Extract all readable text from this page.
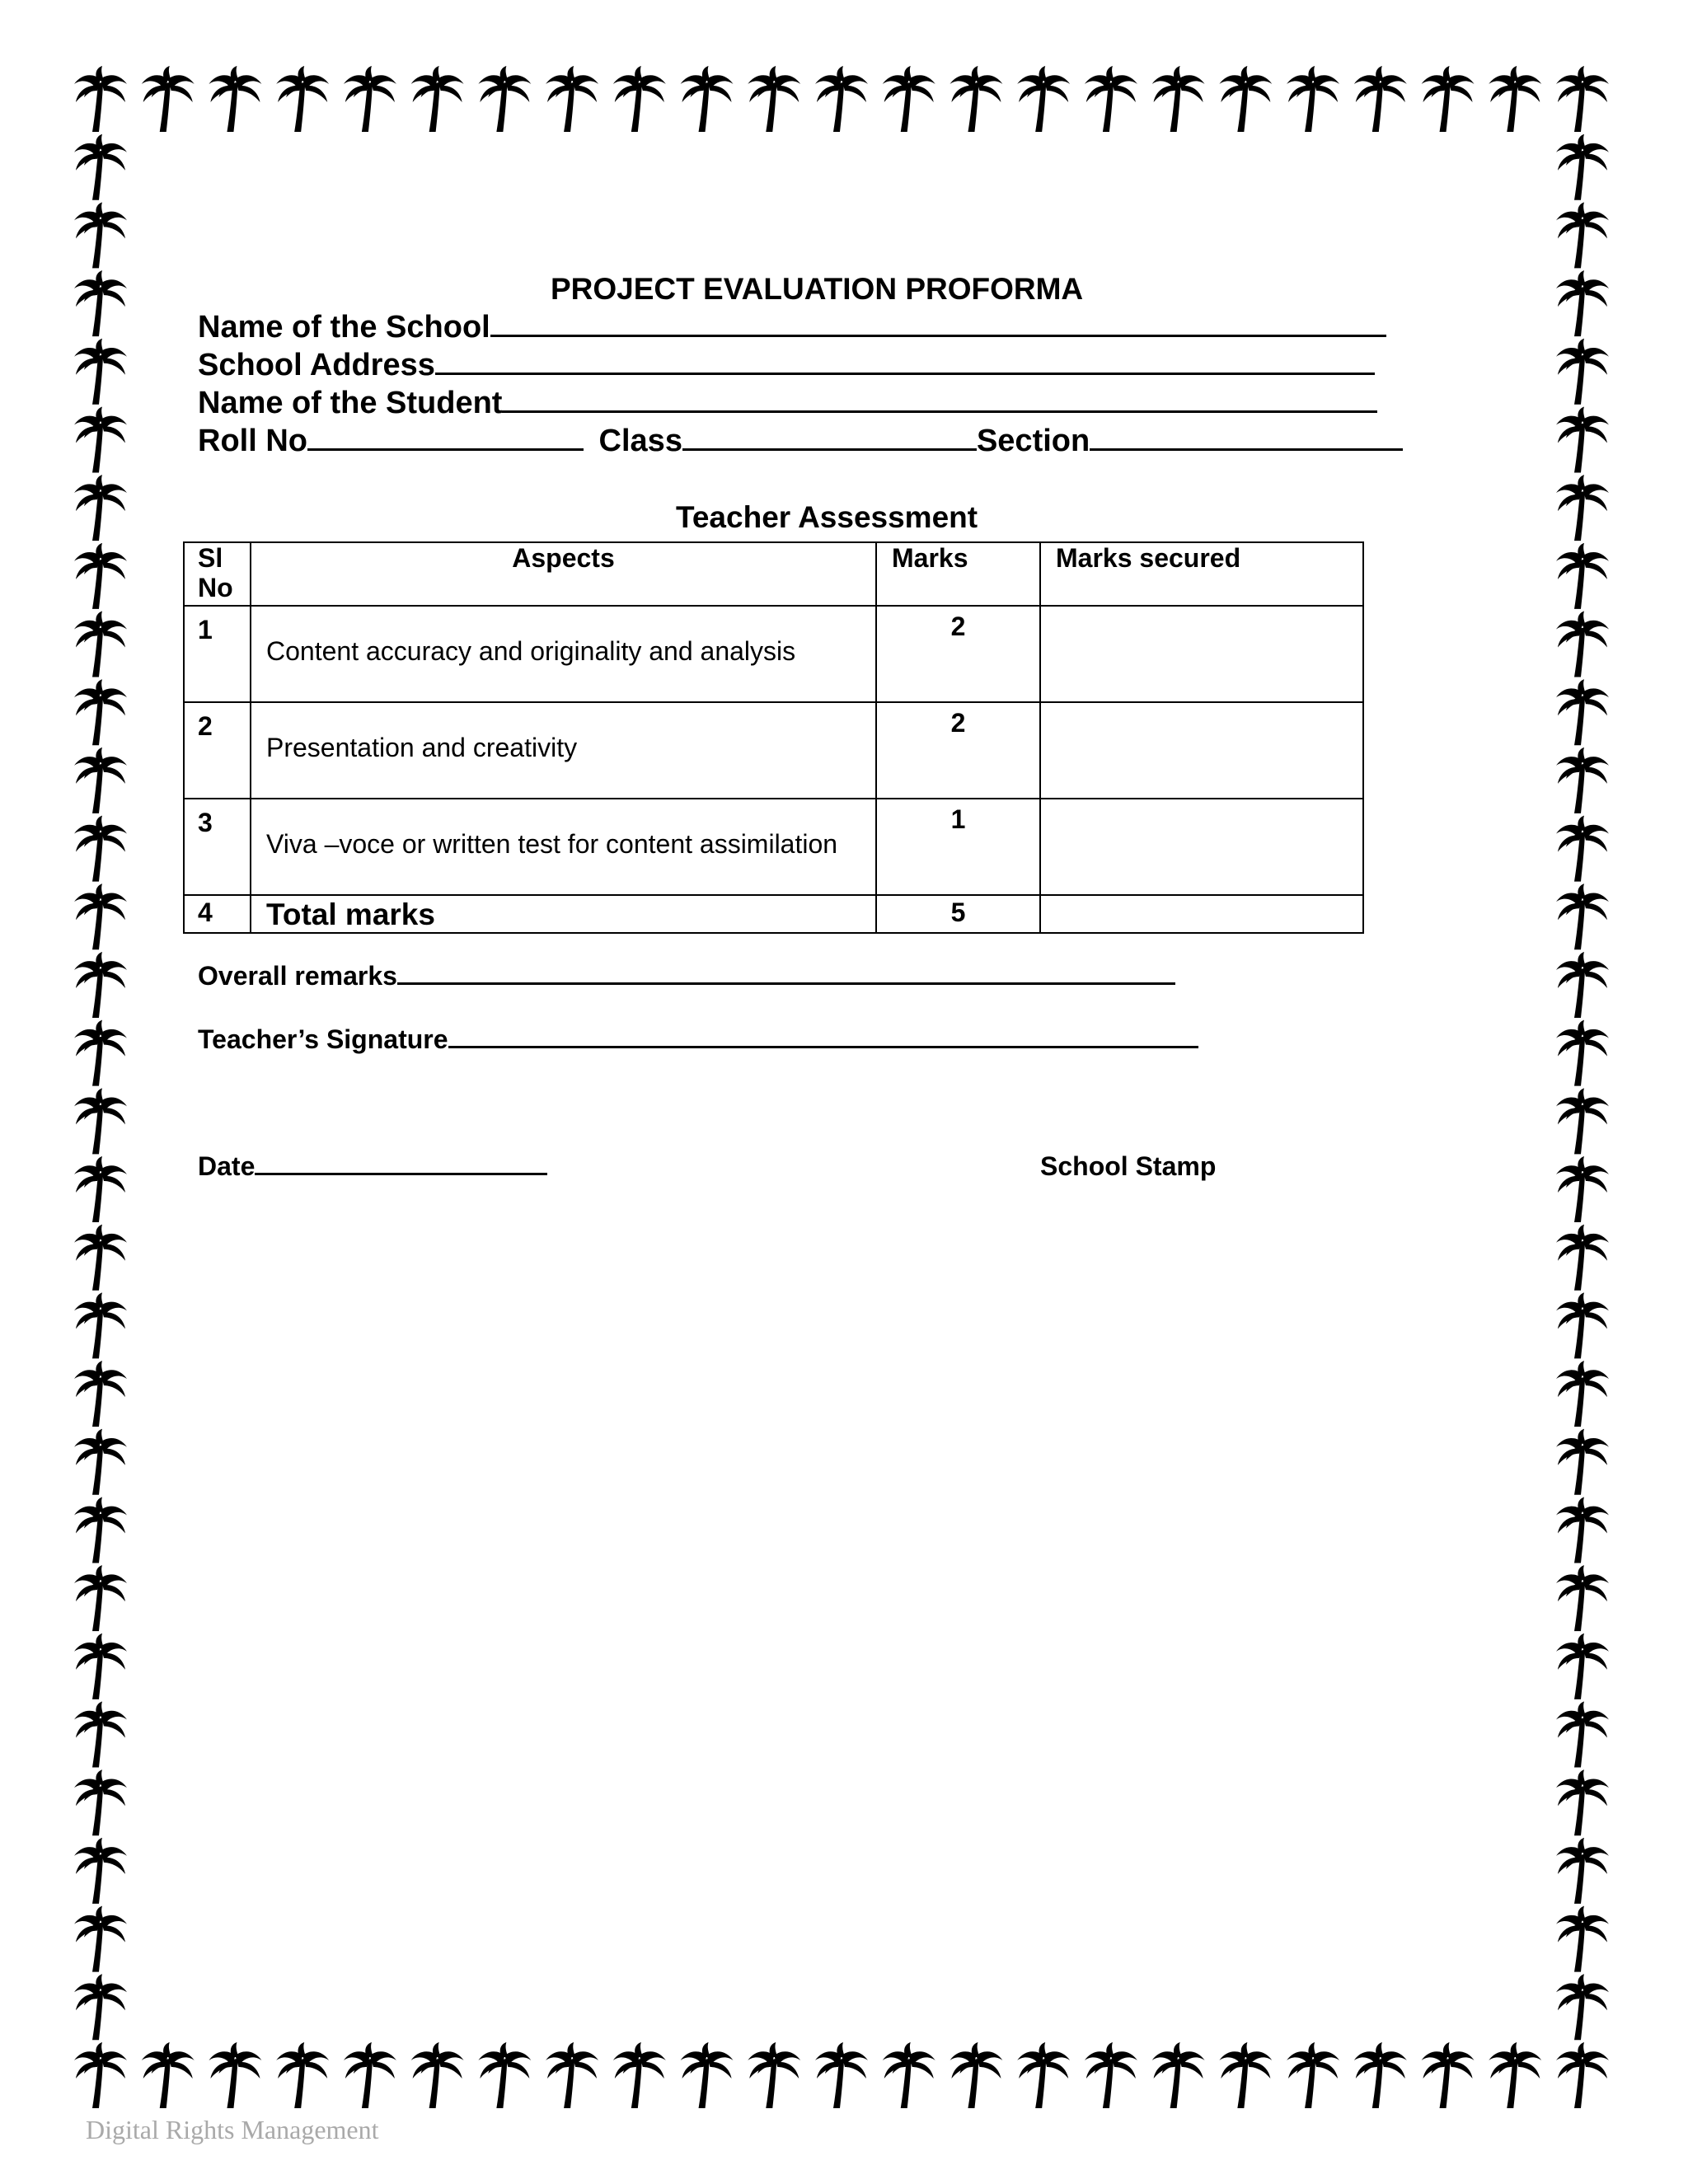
PROJECT EVALUATION PROFORMA
Name of the School
School Address
Name of the Student
Roll No	Class	Section
Teacher Assessment
Sl No	Aspects	Marks	Marks secured

1	Content accuracy and originality and analysis	2	

2	Presentation and creativity	2	

3	Viva –voce or written test for content assimilation	1	

4	Total marks	5	

Overall remarks
Teacher’s Signature
Date	School Stamp
Digital Rights Management
